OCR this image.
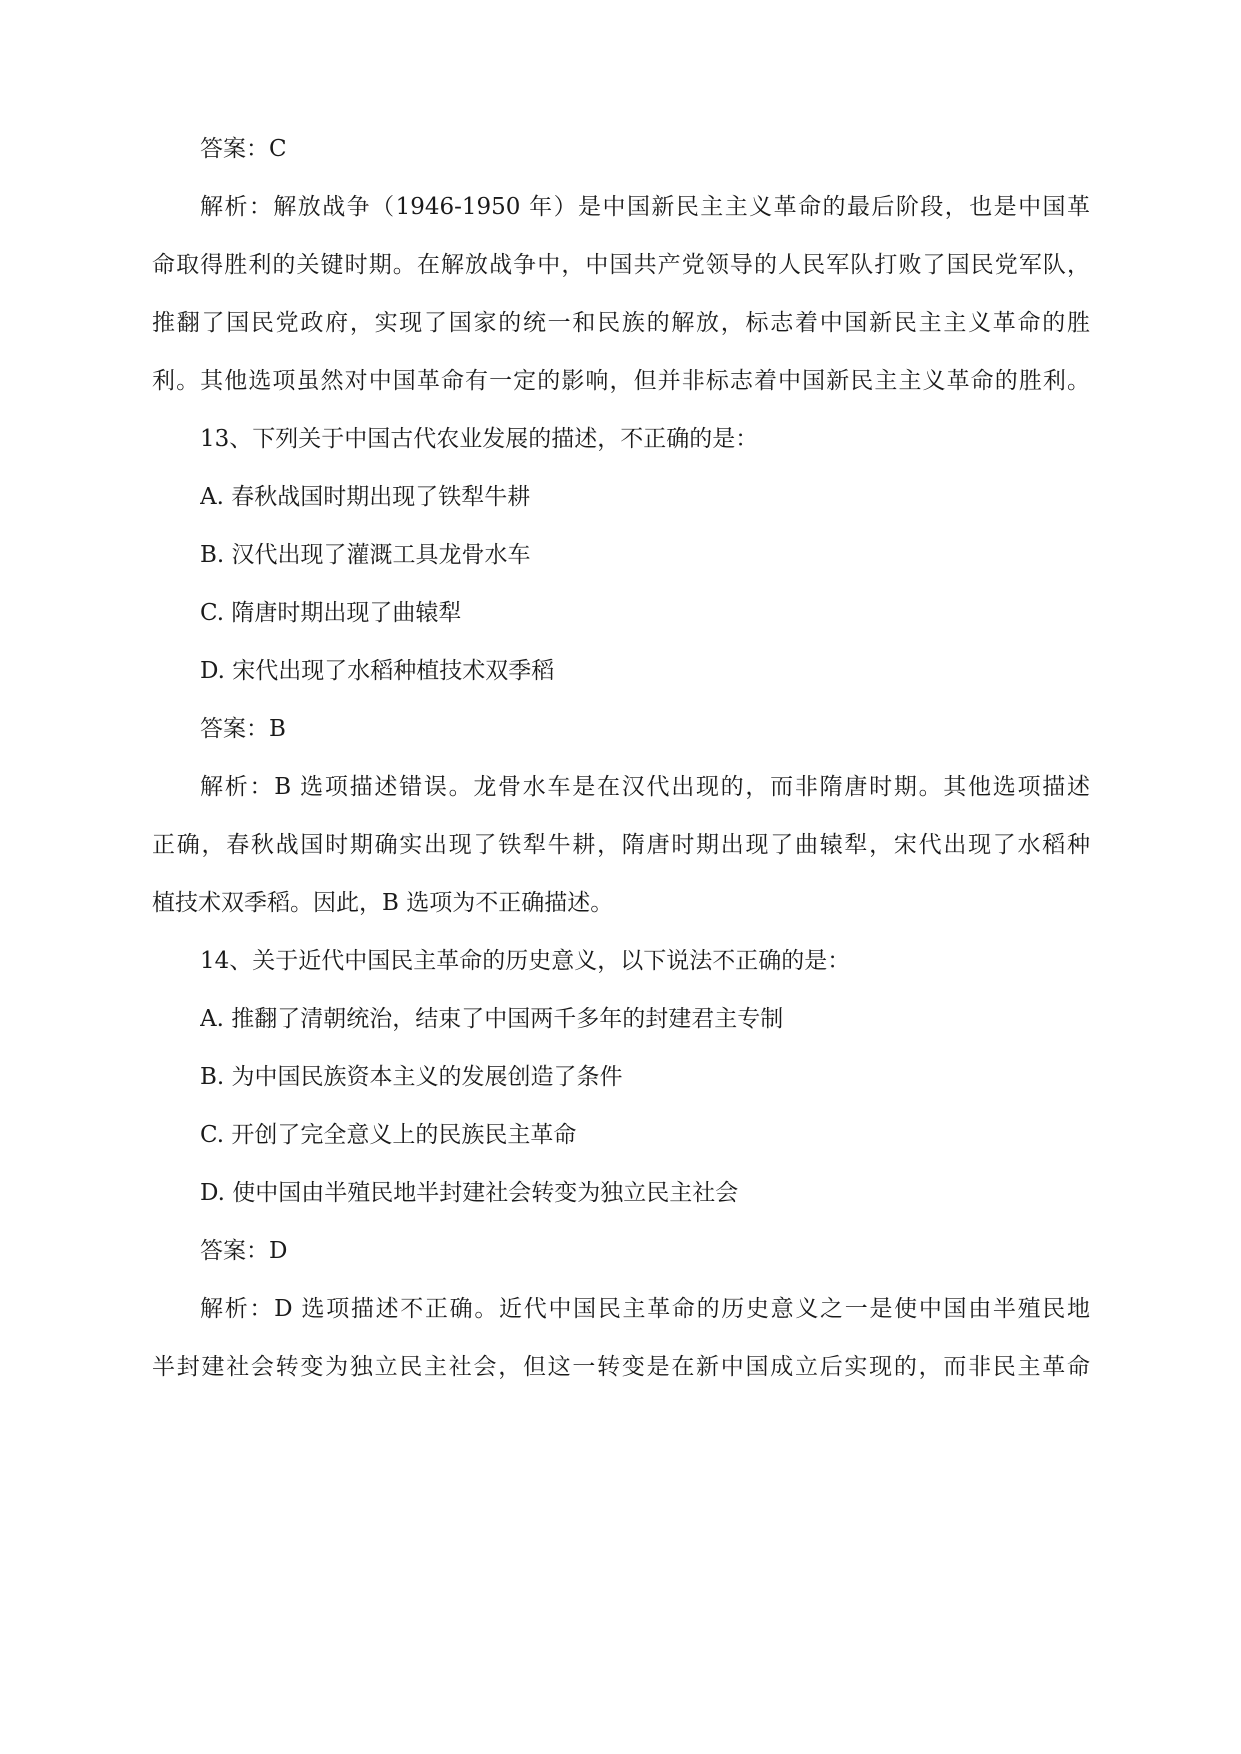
答案：C
解析：解放战争（1946-1950 年）是中国新民主主义革命的最后阶段，也是中国革
命取得胜利的关键时期。在解放战争中，中国共产党领导的人民军队打败了国民党军队，
推翻了国民党政府，实现了国家的统一和民族的解放，标志着中国新民主主义革命的胜
利。其他选项虽然对中国革命有一定的影响，但并非标志着中国新民主主义革命的胜利。
13、下列关于中国古代农业发展的描述，不正确的是：
A. 春秋战国时期出现了铁犁牛耕
B. 汉代出现了灌溉工具龙骨水车
C. 隋唐时期出现了曲辕犁
D. 宋代出现了水稻种植技术双季稻
答案：B
解析：B 选项描述错误。龙骨水车是在汉代出现的，而非隋唐时期。其他选项描述
正确，春秋战国时期确实出现了铁犁牛耕，隋唐时期出现了曲辕犁，宋代出现了水稻种
植技术双季稻。因此，B 选项为不正确描述。
14、关于近代中国民主革命的历史意义，以下说法不正确的是：
A. 推翻了清朝统治，结束了中国两千多年的封建君主专制
B. 为中国民族资本主义的发展创造了条件
C. 开创了完全意义上的民族民主革命
D. 使中国由半殖民地半封建社会转变为独立民主社会
答案：D
解析：D 选项描述不正确。近代中国民主革命的历史意义之一是使中国由半殖民地
半封建社会转变为独立民主社会，但这一转变是在新中国成立后实现的，而非民主革命
